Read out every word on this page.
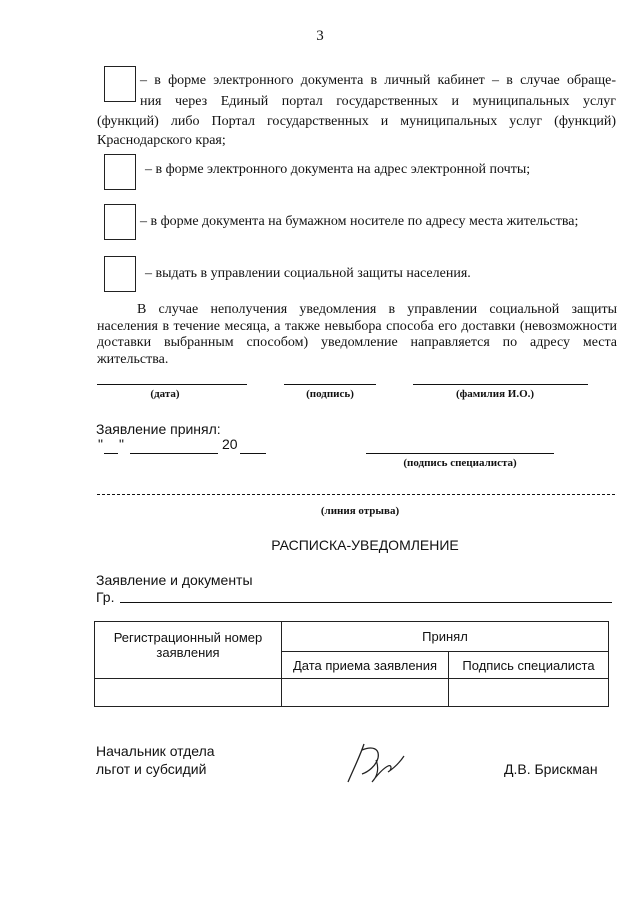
3
– в форме электронного документа в личный кабинет – в случае обраще-
ния через Единый портал государственных и муниципальных услуг
(функций) либо Портал государственных и муниципальных услуг (функций)
Краснодарского края;
– в форме электронного документа на адрес электронной почты;
– в форме документа на бумажном носителе по адресу места жительства;
– выдать в управлении социальной защиты населения.
В случае неполучения уведомления в управлении социальной защиты населения в течение месяца, а также невыбора способа его доставки (невозможности доставки выбранным способом) уведомление направляется по адресу места жительства.
(дата)	(подпись)	(фамилия И.О.)
Заявление принял:
" "	20
(подпись специалиста)
(линия отрыва)
РАСПИСКА-УВЕДОМЛЕНИЕ
Заявление и документы
Гр.
Регистрационный номер заявления	Принял	
	Дата приема заявления	Подпись специалиста

Начальник отдела
льгот и субсидий	Д.В. Брискман
